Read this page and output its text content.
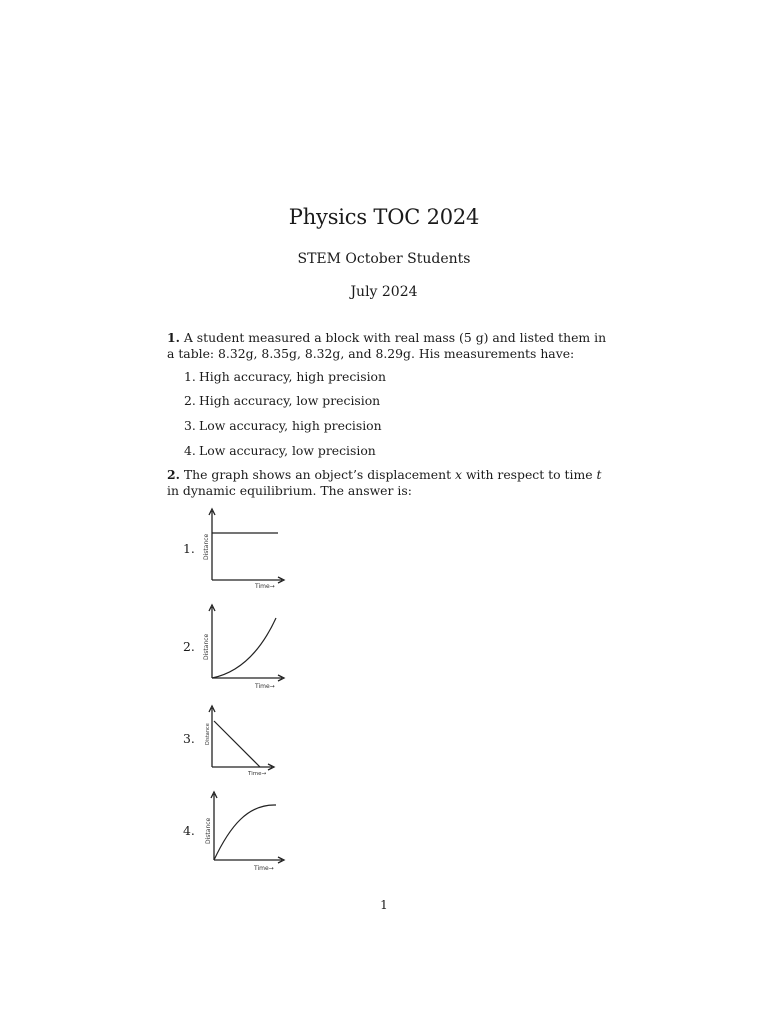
Physics TOC 2024
STEM October Students
July 2024
1. A student measured a block with real mass (5 g) and listed them in a table: 8.32g, 8.35g, 8.32g, and 8.29g. His measurements have:
1. High accuracy, high precision
2. High accuracy, low precision
3. Low accuracy, high precision
4. Low accuracy, low precision
2. The graph shows an object’s displacement x with respect to time t in dynamic equilibrium. The answer is:
1. Distance
Time→
2. Distance
Time→
3. Distance
Time→
4. Distance
Time→
1
